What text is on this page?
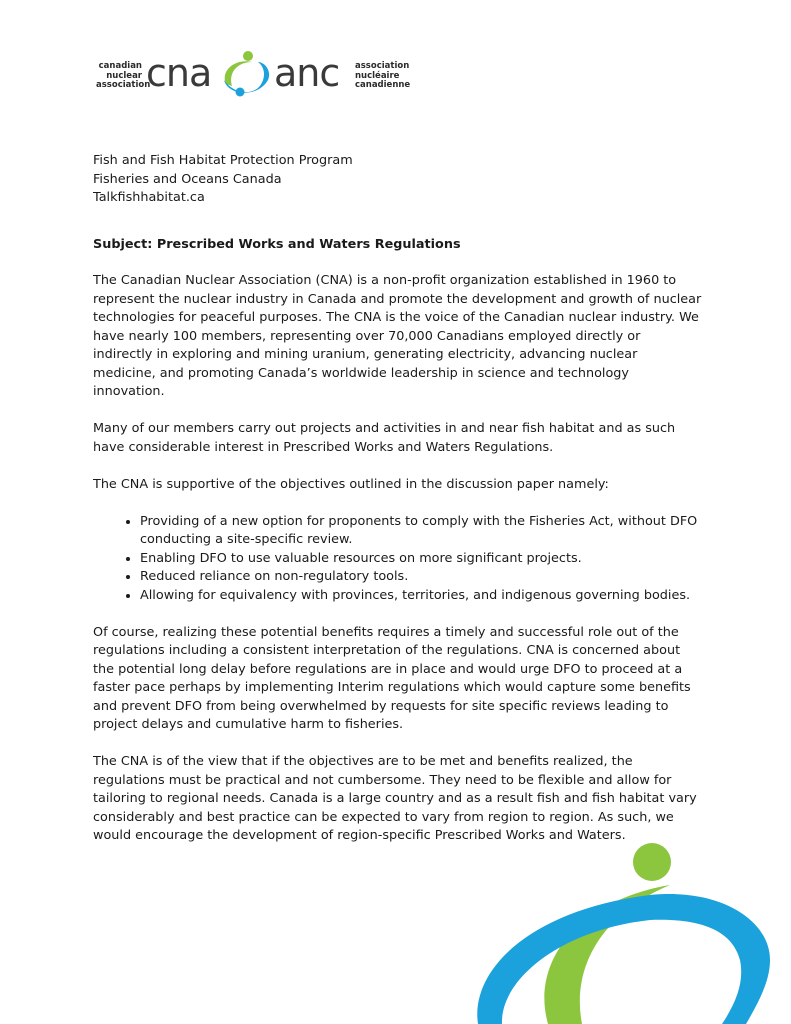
canadian
nuclear
association
cna anc association
nucléaire
canadienne
Fish and Fish Habitat Protection Program
Fisheries and Oceans Canada
Talkfishhabitat.ca
Subject: Prescribed Works and Waters Regulations

The Canadian Nuclear Association (CNA) is a non-profit organization established in 1960 to represent the nuclear industry in Canada and promote the development and growth of nuclear technologies for peaceful purposes. The CNA is the voice of the Canadian nuclear industry. We have nearly 100 members, representing over 70,000 Canadians employed directly or indirectly in exploring and mining uranium, generating electricity, advancing nuclear medicine, and promoting Canada’s worldwide leadership in science and technology innovation.

Many of our members carry out projects and activities in and near fish habitat and as such have considerable interest in Prescribed Works and Waters Regulations.

The CNA is supportive of the objectives outlined in the discussion paper namely:

• Providing of a new option for proponents to comply with the Fisheries Act, without DFO conducting a site-specific review.
• Enabling DFO to use valuable resources on more significant projects.
• Reduced reliance on non-regulatory tools.
• Allowing for equivalency with provinces, territories, and indigenous governing bodies.

Of course, realizing these potential benefits requires a timely and successful role out of the regulations including a consistent interpretation of the regulations. CNA is concerned about the potential long delay before regulations are in place and would urge DFO to proceed at a faster pace perhaps by implementing Interim regulations which would capture some benefits and prevent DFO from being overwhelmed by requests for site specific reviews leading to project delays and cumulative harm to fisheries.

The CNA is of the view that if the objectives are to be met and benefits realized, the regulations must be practical and not cumbersome. They need to be flexible and allow for tailoring to regional needs. Canada is a large country and as a result fish and fish habitat vary considerably and best practice can be expected to vary from region to region. As such, we would encourage the development of region-specific Prescribed Works and Waters.
